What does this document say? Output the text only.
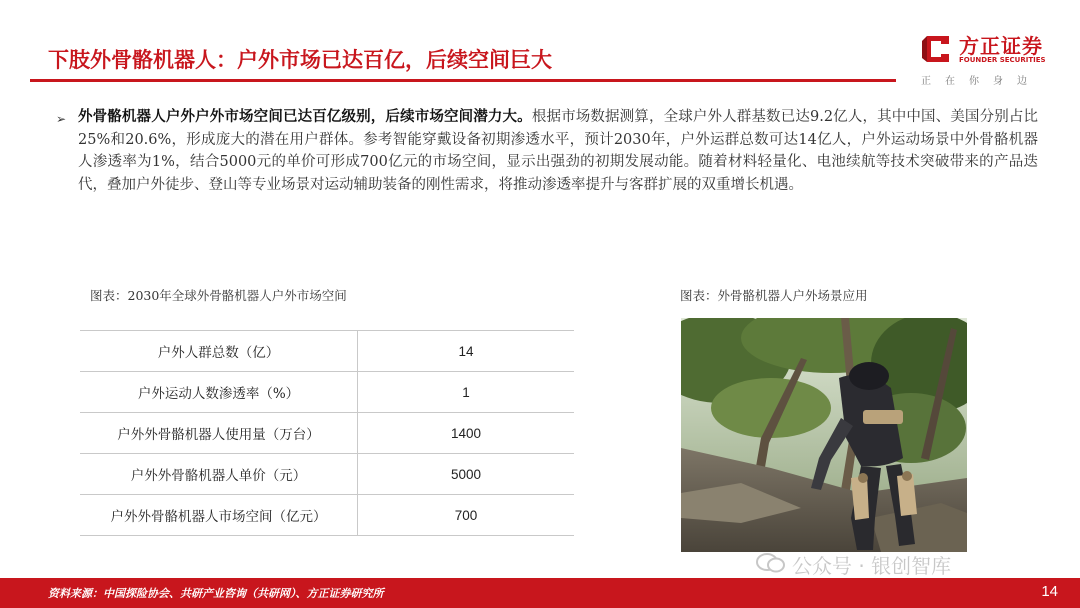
下肢外骨骼机器人：户外市场已达百亿，后续空间巨大
方正证券
FOUNDER SECURITIES
正在你身边
➢ 外骨骼机器人户外户外市场空间已达百亿级别，后续市场空间潜力大。根据市场数据测算，全球户外人群基数已达9.2亿人，其中中国、美国分别占比25%和20.6%，形成庞大的潜在用户群体。参考智能穿戴设备初期渗透水平，预计2030年，户外运群总数可达14亿人，户外运动场景中外骨骼机器人渗透率为1%，结合5000元的单价可形成700亿元的市场空间，显示出强劲的初期发展动能。随着材料轻量化、电池续航等技术突破带来的产品迭代，叠加户外徒步、登山等专业场景对运动辅助装备的刚性需求，将推动渗透率提升与客群扩展的双重增长机遇。
图表：2030年全球外骨骼机器人户外市场空间
户外人群总数（亿）	14
户外运动人数渗透率（%）	1
户外外骨骼机器人使用量（万台）	1400
户外外骨骼机器人单价（元）	5000
户外外骨骼机器人市场空间（亿元）	700
图表：外骨骼机器人户外场景应用
公众号 · 银创智库
资料来源：中国探险协会、共研产业咨询（共研网）、方正证券研究所	14
